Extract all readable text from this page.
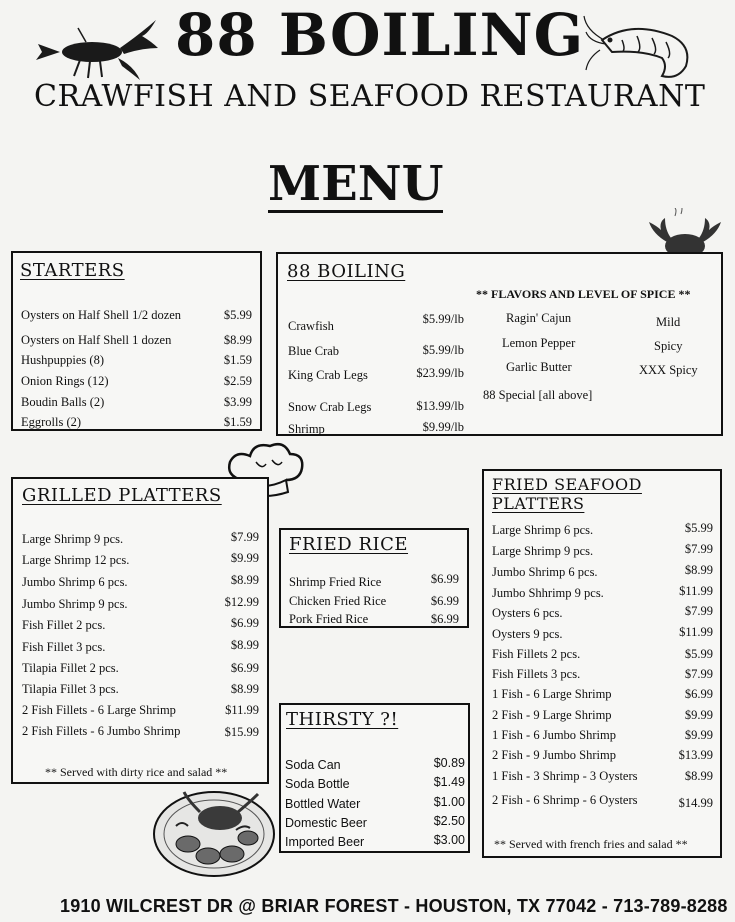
88 BOILING
CRAWFISH AND SEAFOOD RESTAURANT
MENU
STARTERS
Oysters on Half Shell 1/2 dozen	$5.99
Oysters on Half Shell 1 dozen	$8.99
Hushpuppies (8)	$1.59
Onion Rings (12)	$2.59
Boudin Balls (2)	$3.99
Eggrolls (2)	$1.59
88 BOILING
Crawfish	$5.99/lb
Blue Crab	$5.99/lb
King Crab Legs	$23.99/lb
Snow Crab Legs	$13.99/lb
Shrimp	$9.99/lb
** FLAVORS AND LEVEL OF SPICE **
Ragin' Cajun
Lemon Pepper
Garlic Butter
Mild
Spicy
XXX Spicy
88 Special [all above]
GRILLED PLATTERS
Large Shrimp 9 pcs.	$7.99
Large Shrimp 12 pcs.	$9.99
Jumbo Shrimp 6 pcs.	$8.99
Jumbo Shrimp 9 pcs.	$12.99
Fish Fillet 2 pcs.	$6.99
Fish Fillet 3 pcs.	$8.99
Tilapia Fillet 2 pcs.	$6.99
Tilapia Fillet 3 pcs.	$8.99
2 Fish Fillets - 6 Large Shrimp	$11.99
2 Fish Fillets - 6 Jumbo Shrimp	$15.99
** Served with dirty rice and salad **
FRIED RICE
Shrimp Fried Rice	$6.99
Chicken Fried Rice	$6.99
Pork Fried Rice	$6.99
THIRSTY ?!
Soda Can	$0.89
Soda Bottle	$1.49
Bottled Water	$1.00
Domestic Beer	$2.50
Imported Beer	$3.00
FRIED SEAFOOD PLATTERS
Large Shrimp 6 pcs.	$5.99
Large Shrimp 9 pcs.	$7.99
Jumbo Shrimp 6 pcs.	$8.99
Jumbo Shhrimp 9 pcs.	$11.99
Oysters 6 pcs.	$7.99
Oysters 9 pcs.	$11.99
Fish Fillets 2 pcs.	$5.99
Fish Fillets 3 pcs.	$7.99
1 Fish - 6 Large Shrimp	$6.99
2 Fish - 9 Large Shrimp	$9.99
1 Fish - 6 Jumbo Shrimp	$9.99
2 Fish - 9 Jumbo Shrimp	$13.99
1 Fish - 3 Shrimp - 3 Oysters	$8.99
2 Fish - 6 Shrimp - 6 Oysters	$14.99
** Served with french fries and salad **
1910 WILCREST DR @ BRIAR FOREST - HOUSTON, TX 77042 - 713-789-8288
